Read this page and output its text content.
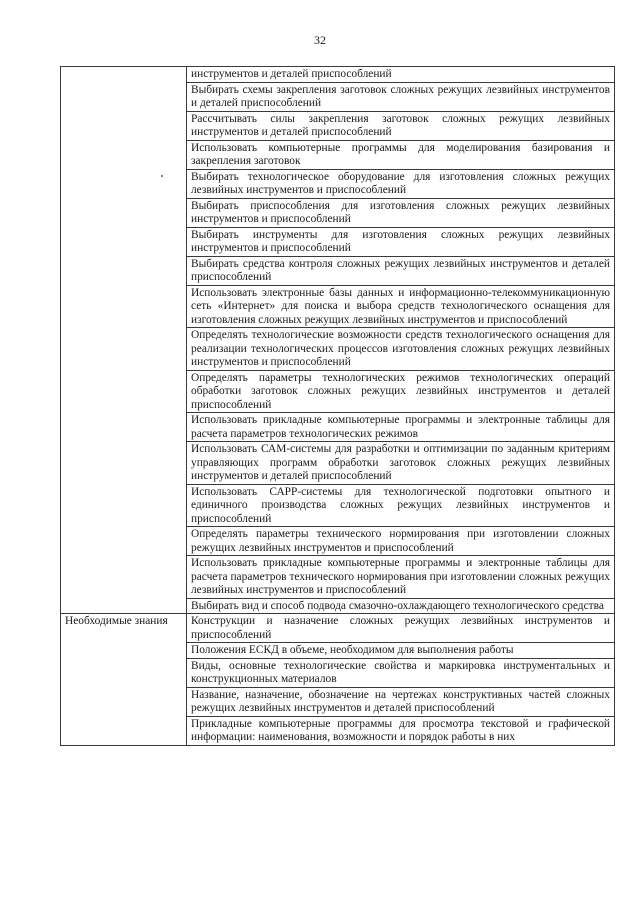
32
	инструментов и деталей приспособлений
	Выбирать схемы закрепления заготовок сложных режущих лезвийных инструментов и деталей приспособлений
	Рассчитывать силы закрепления заготовок сложных режущих лезвийных инструментов и деталей приспособлений
	Использовать компьютерные программы для моделирования базирования и закрепления заготовок
	Выбирать технологическое оборудование для изготовления сложных режущих лезвийных инструментов и приспособлений
	Выбирать приспособления для изготовления сложных режущих лезвийных инструментов и приспособлений
	Выбирать инструменты для изготовления сложных режущих лезвийных инструментов и приспособлений
	Выбирать средства контроля сложных режущих лезвийных инструментов и деталей приспособлений
	Использовать электронные базы данных и информационно-телекоммуникационную сеть «Интернет» для поиска и выбора средств технологического оснащения для изготовления сложных режущих лезвийных инструментов и приспособлений
	Определять технологические возможности средств технологического оснащения для реализации технологических процессов изготовления сложных режущих лезвийных инструментов и приспособлений
	Определять параметры технологических режимов технологических операций обработки заготовок сложных режущих лезвийных инструментов и деталей приспособлений
	Использовать прикладные компьютерные программы и электронные таблицы для расчета параметров технологических режимов
	Использовать САМ-системы для разработки и оптимизации по заданным критериям управляющих программ обработки заготовок сложных режущих лезвийных инструментов и деталей приспособлений
	Использовать САРР-системы для технологической подготовки опытного и единичного производства сложных режущих лезвийных инструментов и приспособлений
	Определять параметры технического нормирования при изготовлении сложных режущих лезвийных инструментов и приспособлений
	Использовать прикладные компьютерные программы и электронные таблицы для расчета параметров технического нормирования при изготовлении сложных режущих лезвийных инструментов и приспособлений
	Выбирать вид и способ подвода смазочно-охлаждающего технологического средства
Необходимые знания	Конструкции и назначение сложных режущих лезвийных инструментов и приспособлений
	Положения ЕСКД в объеме, необходимом для выполнения работы
	Виды, основные технологические свойства и маркировка инструментальных и конструкционных материалов
	Название, назначение, обозначение на чертежах конструктивных частей сложных режущих лезвийных инструментов и деталей приспособлений
	Прикладные компьютерные программы для просмотра текстовой и графической информации: наименования, возможности и порядок работы в них
